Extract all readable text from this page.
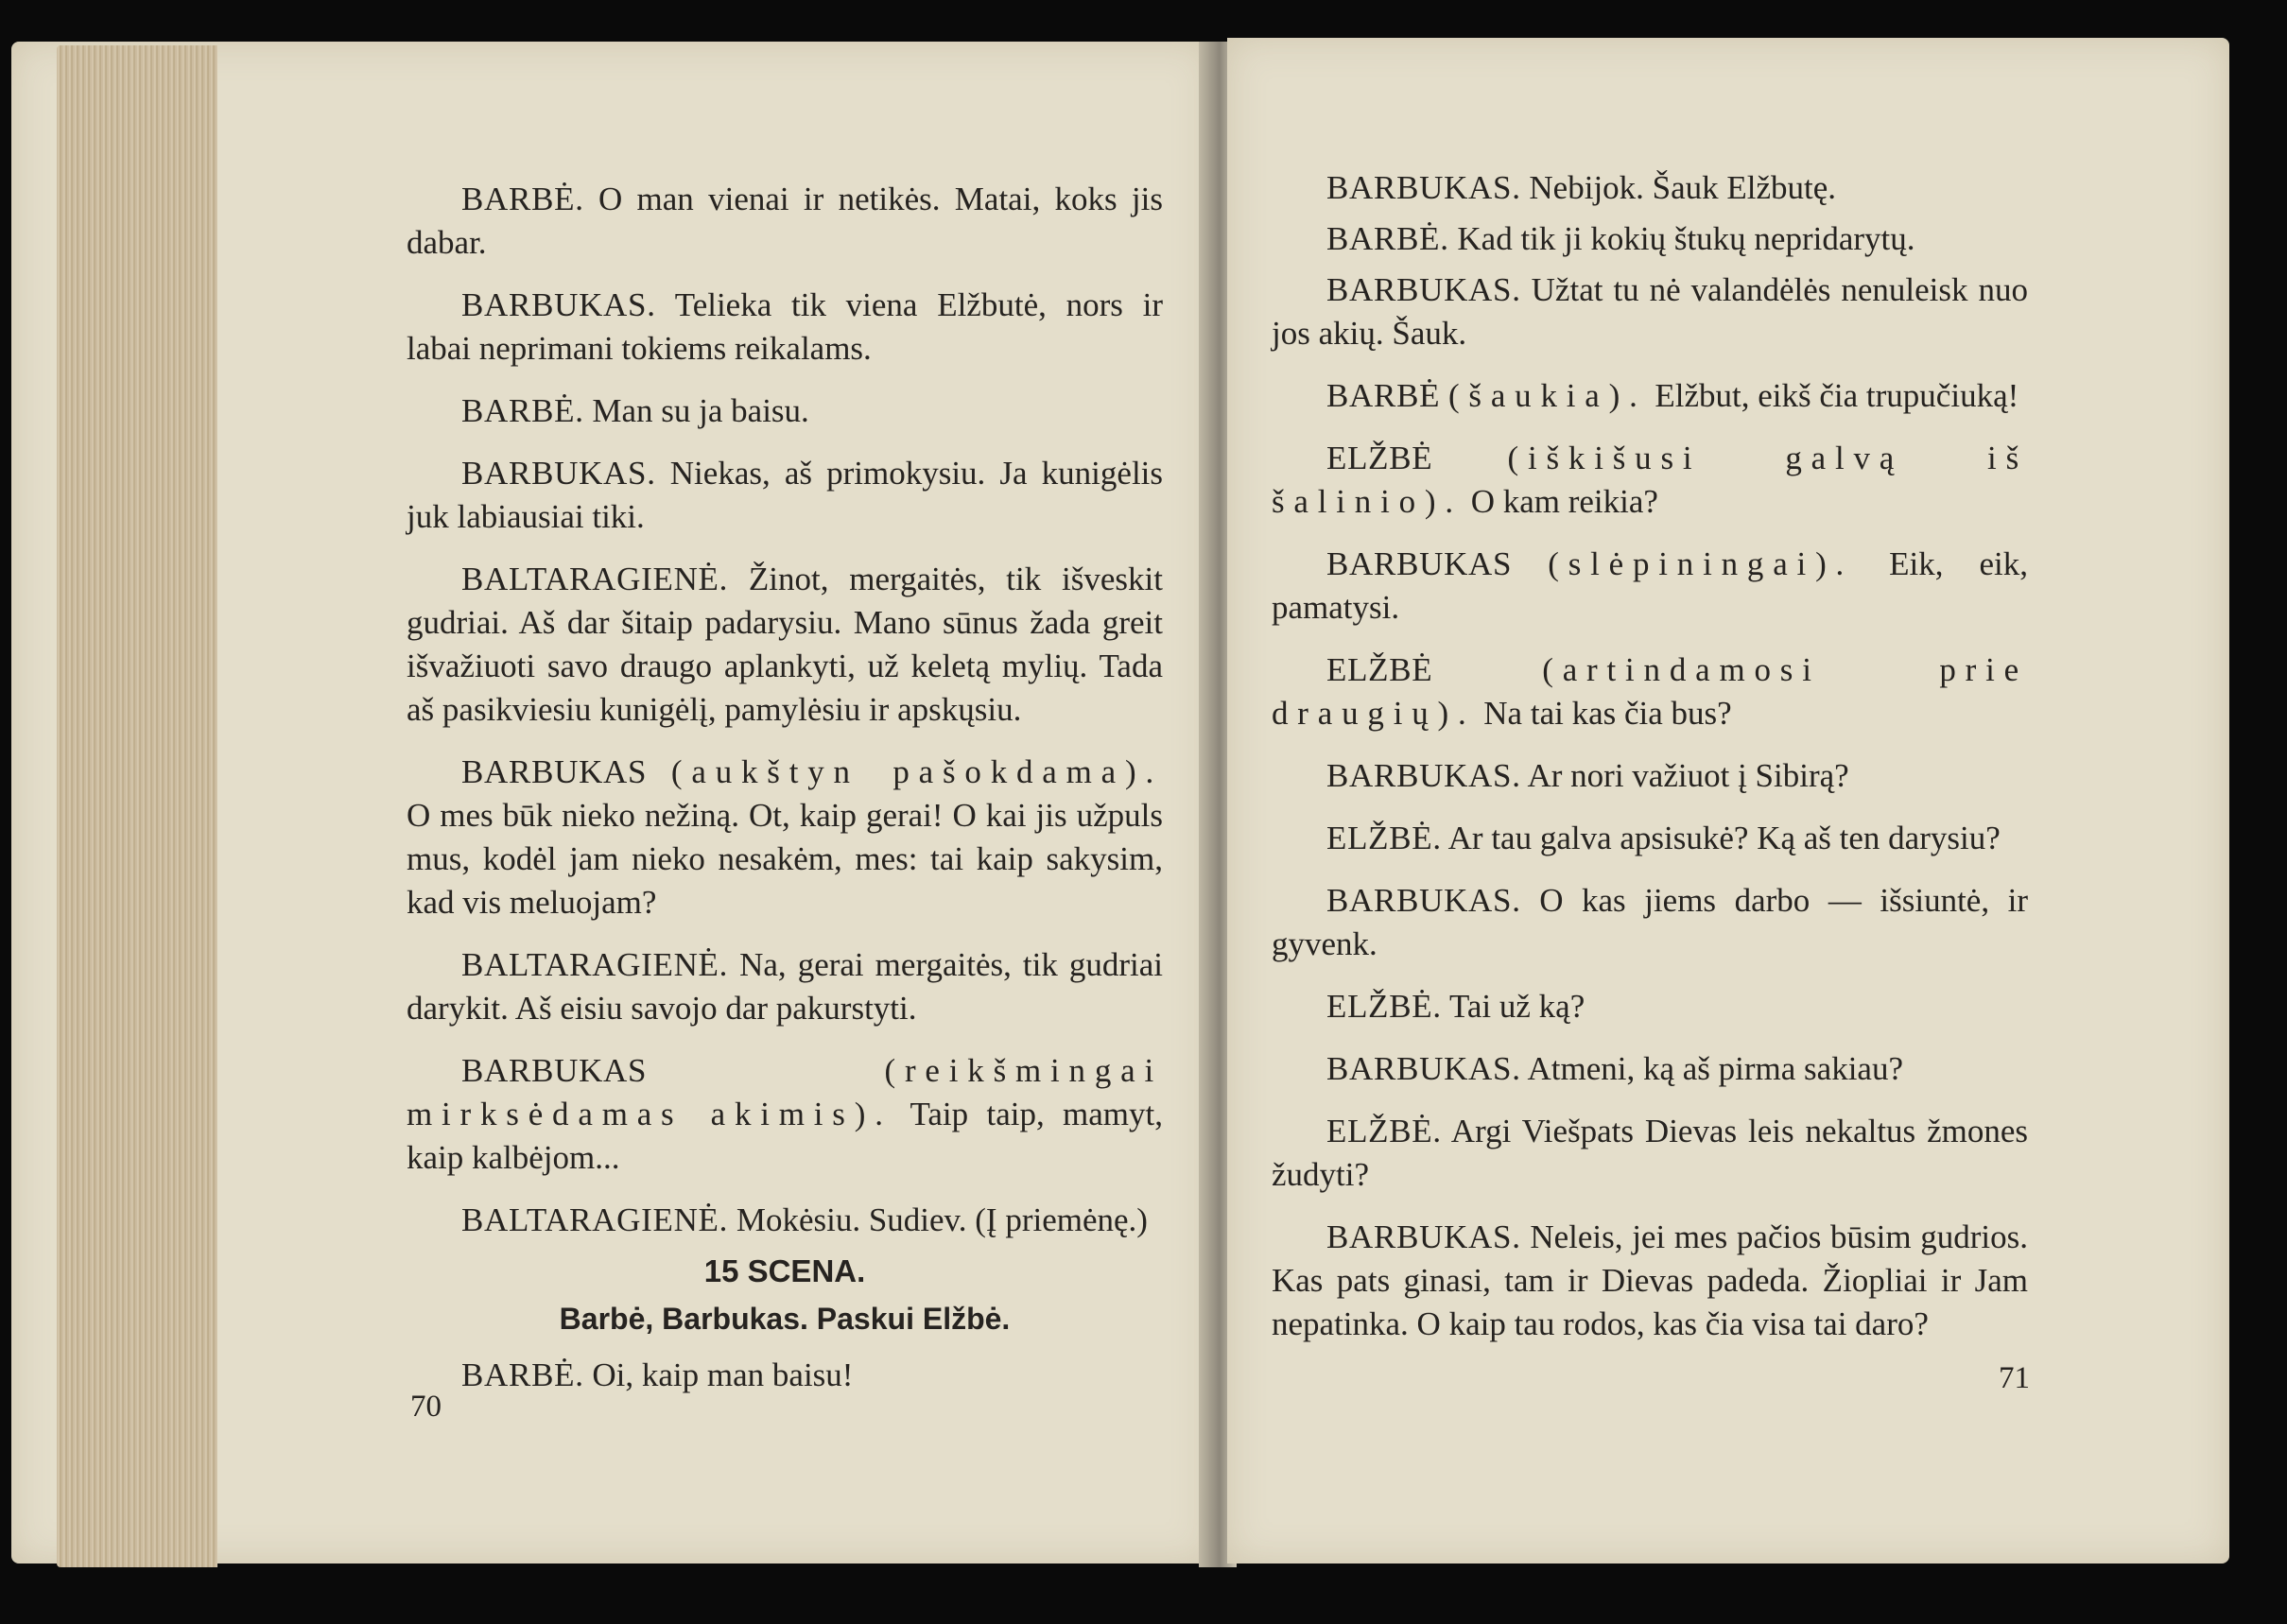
BARBĖ. O man vienai ir netikės. Matai, koks jis dabar.

BARBUKAS. Telieka tik viena Elžbutė, nors ir labai neprimani tokiems reikalams.

BARBĖ. Man su ja baisu.

BARBUKAS. Niekas, aš primokysiu. Ja kunigėlis juk labiausiai tiki.

BALTARAGIENĖ. Žinot, mergaitės, tik išveskit gudriai. Aš dar šitaip padarysiu. Mano sūnus žada greit išvažiuoti savo draugo aplankyti, už keletą mylių. Tada aš pasikviesiu kunigėlį, pamylėsiu ir apskųsiu.

BARBUKAS (aukštyn pašokdama). O mes būk nieko nežiną. Ot, kaip gerai! O kai jis užpuls mus, kodėl jam nieko nesakėm, mes: tai kaip sakysim, kad vis meluojam?

BALTARAGIENĖ. Na, gerai mergaitės, tik gudriai darykit. Aš eisiu savojo dar pakurstyti.

BARBUKAS	(reikšmingai mirksėdamas akimis). Taip taip, mamyt, kaip kalbėjom...

BALTARAGIENĖ. Mokėsiu. Sudiev. (Į priemėnę.)

15 SCENA.
Barbė, Barbukas. Paskui Elžbė.

BARBĖ. Oi, kaip man baisu!

70

BARBUKAS. Nebijok. Šauk Elžbutę.

BARBĖ. Kad tik ji kokių štukų nepridarytų.

BARBUKAS. Užtat tu nė valandėlės nenuleisk nuo jos akių. Šauk.

BARBĖ (šaukia). Elžbut, eikš čia trupučiuką!

ELŽBĖ (iškišusi galvą iš šalinio). O kam reikia?

BARBUKAS (slėpiningai). Eik, eik, pamatysi.

ELŽBĖ	(artindamosi prie draugių). Na tai kas čia bus?

BARBUKAS. Ar nori važiuot į Sibirą?

ELŽBĖ. Ar tau galva apsisukė? Ką aš ten darysiu?

BARBUKAS. O kas jiems darbo — išsiuntė, ir gyvenk.

ELŽBĖ. Tai už ką?

BARBUKAS. Atmeni, ką aš pirma sakiau?

ELŽBĖ. Argi Viešpats Dievas leis nekaltus žmones žudyti?

BARBUKAS. Neleis, jei mes pačios būsim gudrios. Kas pats ginasi, tam ir Dievas padeda. Žiopliai ir Jam nepatinka. O kaip tau rodos, kas čia visa tai daro?

71
